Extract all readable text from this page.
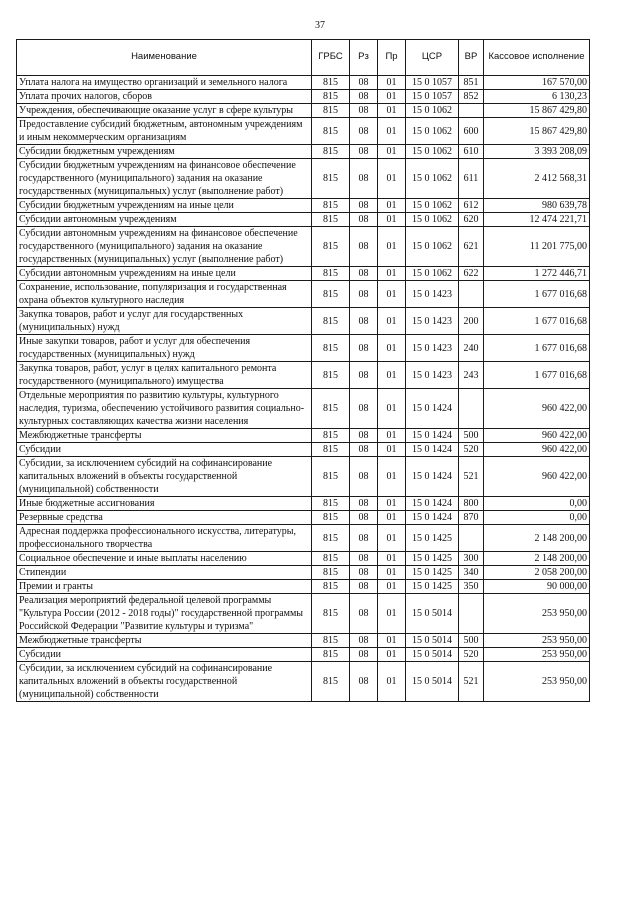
37
Наименование	ГРБС	Рз	Пр	ЦСР	ВР	Кассовое исполнение
Уплата налога на имущество организаций и земельного налога	815	08	01	15 0 1057	851	167 570,00
Уплата прочих налогов, сборов	815	08	01	15 0 1057	852	6 130,23
Учреждения, обеспечивающие оказание услуг в сфере культуры	815	08	01	15 0 1062		15 867 429,80
Предоставление субсидий бюджетным, автономным учреждениям и иным некоммерческим организациям	815	08	01	15 0 1062	600	15 867 429,80
Субсидии бюджетным учреждениям	815	08	01	15 0 1062	610	3 393 208,09
Субсидии бюджетным учреждениям на финансовое обеспечение государственного (муниципального) задания на оказание государственных (муниципальных) услуг (выполнение работ)	815	08	01	15 0 1062	611	2 412 568,31
Субсидии бюджетным учреждениям на иные цели	815	08	01	15 0 1062	612	980 639,78
Субсидии автономным учреждениям	815	08	01	15 0 1062	620	12 474 221,71
Субсидии автономным учреждениям на финансовое обеспечение государственного (муниципального) задания на оказание государственных (муниципальных) услуг (выполнение работ)	815	08	01	15 0 1062	621	11 201 775,00
Субсидии автономным учреждениям на иные цели	815	08	01	15 0 1062	622	1 272 446,71
Сохранение, использование, популяризация и государственная охрана объектов культурного наследия	815	08	01	15 0 1423		1 677 016,68
Закупка товаров, работ и услуг для государственных (муниципальных) нужд	815	08	01	15 0 1423	200	1 677 016,68
Иные закупки товаров, работ и услуг для обеспечения государственных (муниципальных) нужд	815	08	01	15 0 1423	240	1 677 016,68
Закупка товаров, работ, услуг в целях капитального ремонта государственного (муниципального) имущества	815	08	01	15 0 1423	243	1 677 016,68
Отдельные мероприятия по развитию культуры, культурного наследия, туризма, обеспечению устойчивого развития социально-культурных составляющих качества жизни населения	815	08	01	15 0 1424		960 422,00
Межбюджетные трансферты	815	08	01	15 0 1424	500	960 422,00
Субсидии	815	08	01	15 0 1424	520	960 422,00
Субсидии, за исключением субсидий на софинансирование капитальных вложений в объекты государственной (муниципальной) собственности	815	08	01	15 0 1424	521	960 422,00
Иные бюджетные ассигнования	815	08	01	15 0 1424	800	0,00
Резервные средства	815	08	01	15 0 1424	870	0,00
Адресная поддержка профессионального искусства, литературы, профессионального творчества	815	08	01	15 0 1425		2 148 200,00
Социальное обеспечение и иные выплаты населению	815	08	01	15 0 1425	300	2 148 200,00
Стипендии	815	08	01	15 0 1425	340	2 058 200,00
Премии и гранты	815	08	01	15 0 1425	350	90 000,00
Реализация мероприятий федеральной целевой программы "Культура России (2012 - 2018 годы)" государственной программы Российской Федерации "Развитие культуры и туризма"	815	08	01	15 0 5014		253 950,00
Межбюджетные трансферты	815	08	01	15 0 5014	500	253 950,00
Субсидии	815	08	01	15 0 5014	520	253 950,00
Субсидии, за исключением субсидий на софинансирование капитальных вложений в объекты государственной (муниципальной) собственности	815	08	01	15 0 5014	521	253 950,00
